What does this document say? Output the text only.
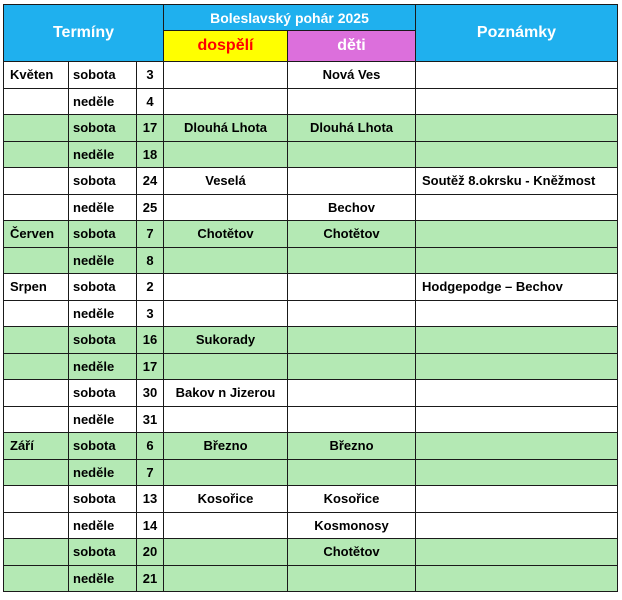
Termíny			Boleslavský pohár 2025		Poznámky
			dospělí	děti	
Květen	sobota	3		Nová Ves	
	neděle	4			
	sobota	17	Dlouhá Lhota	Dlouhá Lhota	
	neděle	18			
	sobota	24	Veselá		Soutěž 8.okrsku - Kněžmost
	neděle	25		Bechov	
Červen	sobota	7	Chotětov	Chotětov	
	neděle	8			
Srpen	sobota	2			Hodgepodge – Bechov
	neděle	3			
	sobota	16	Sukorady		
	neděle	17			
	sobota	30	Bakov n Jizerou		
	neděle	31			
Září	sobota	6	Březno	Březno	
	neděle	7			
	sobota	13	Kosořice	Kosořice	
	neděle	14		Kosmonosy	
	sobota	20		Chotětov	
	neděle	21			
